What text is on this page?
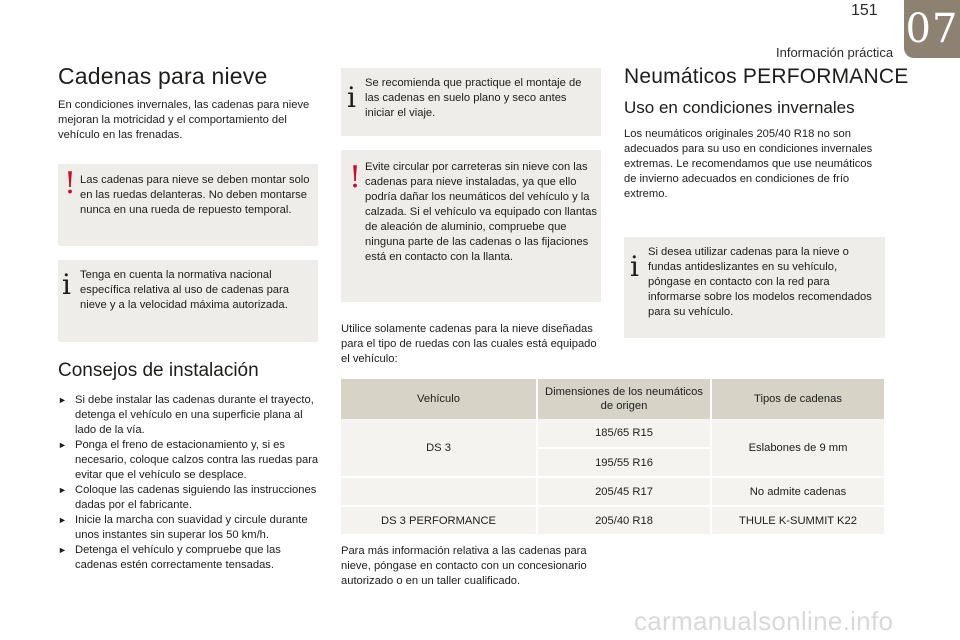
151
Información práctica
07
Cadenas para nieve
En condiciones invernales, las cadenas para nieve mejoran la motricidad y el comportamiento del vehículo en las frenadas.
! Las cadenas para nieve se deben montar solo en las ruedas delanteras. No deben montarse nunca en una rueda de repuesto temporal.
i Tenga en cuenta la normativa nacional específica relativa al uso de cadenas para nieve y a la velocidad máxima autorizada.
Consejos de instalación
► Si debe instalar las cadenas durante el trayecto, detenga el vehículo en una superficie plana al lado de la vía.
► Ponga el freno de estacionamiento y, si es necesario, coloque calzos contra las ruedas para evitar que el vehículo se desplace.
► Coloque las cadenas siguiendo las instrucciones dadas por el fabricante.
► Inicie la marcha con suavidad y circule durante unos instantes sin superar los 50 km/h.
► Detenga el vehículo y compruebe que las cadenas estén correctamente tensadas.
i Se recomienda que practique el montaje de las cadenas en suelo plano y seco antes iniciar el viaje.
! Evite circular por carreteras sin nieve con las cadenas para nieve instaladas, ya que ello podría dañar los neumáticos del vehículo y la calzada. Si el vehículo va equipado con llantas de aleación de aluminio, compruebe que ninguna parte de las cadenas o las fijaciones está en contacto con la llanta.
Utilice solamente cadenas para la nieve diseñadas para el tipo de ruedas con las cuales está equipado el vehículo:
Vehículo	Dimensiones de los neumáticos de origen	Tipos de cadenas
DS 3	185/65 R15	Eslabones de 9 mm
	195/55 R16	
	205/45 R17	No admite cadenas
DS 3 PERFORMANCE	205/40 R18	THULE K-SUMMIT K22
Para más información relativa a las cadenas para nieve, póngase en contacto con un concesionario autorizado o en un taller cualificado.
Neumáticos PERFORMANCE
Uso en condiciones invernales
Los neumáticos originales 205/40 R18 no son adecuados para su uso en condiciones invernales extremas. Le recomendamos que use neumáticos de invierno adecuados en condiciones de frío extremo.
i Si desea utilizar cadenas para la nieve o fundas antideslizantes en su vehículo, póngase en contacto con la red para informarse sobre los modelos recomendados para su vehículo.
carmanualsonline.info
